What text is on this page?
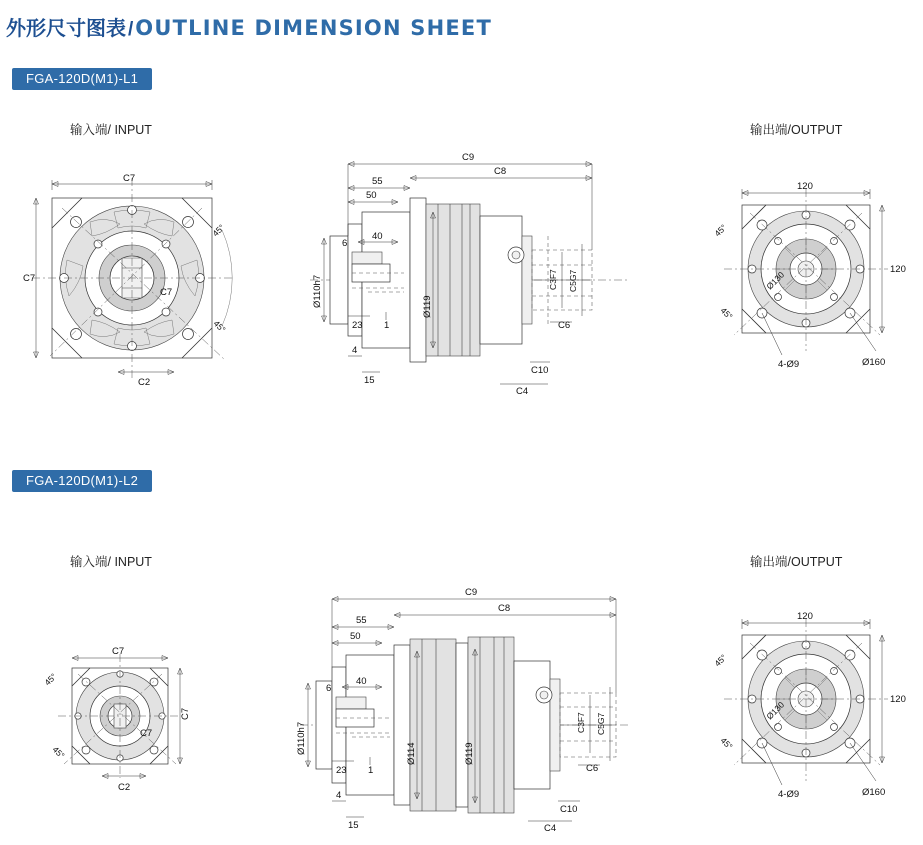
外形尺寸图表 /OUTLINE DIMENSION SHEET
FGA-120D(M1)-L1
输入端/ INPUT	输出端/OUTPUT
C7
C7
C2
C7
45°
45°
C9
C8
55
50
6
40
Ø110h7	Ø119
23 1
4
15
C4
C10
C6
C3F7 C5G7
120
120
45°
45°
Ø130
4-Ø9	Ø160
FGA-120D(M1)-L2
输入端/ INPUT	输出端/OUTPUT
C7
C7
C2
45°
45°
C7
C9
C8
55
50
6
40
Ø110h7	Ø114	Ø119
23 1
4
15	C4
C10
C6
C3F7 C5G7
120
120
45°
45°
Ø130
4-Ø9	Ø160
